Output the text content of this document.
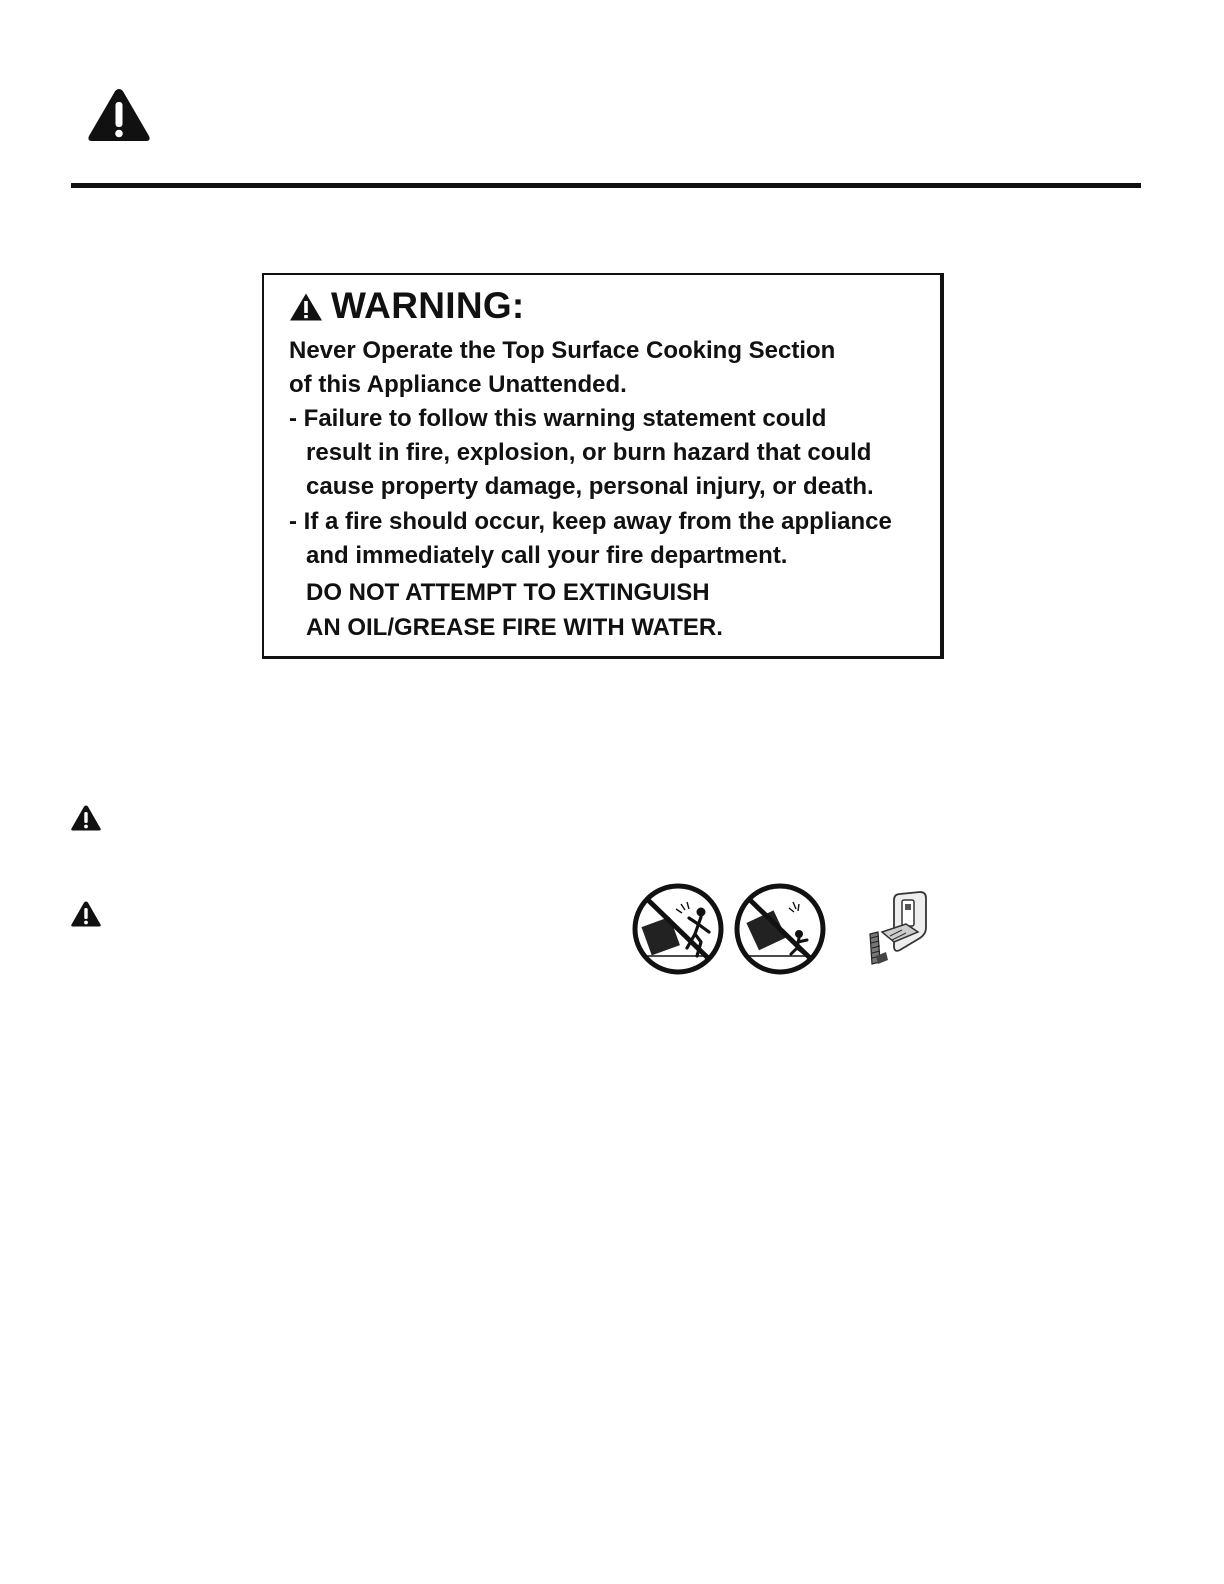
WARNING:
Never Operate the Top Surface Cooking Section
of this Appliance Unattended.
- Failure to follow this warning statement could
result in fire, explosion, or burn hazard that could
cause property damage, personal injury, or death.
- If a fire should occur, keep away from the appliance
and immediately call your fire department.
DO NOT ATTEMPT TO EXTINGUISH
AN OIL/GREASE FIRE WITH WATER.
